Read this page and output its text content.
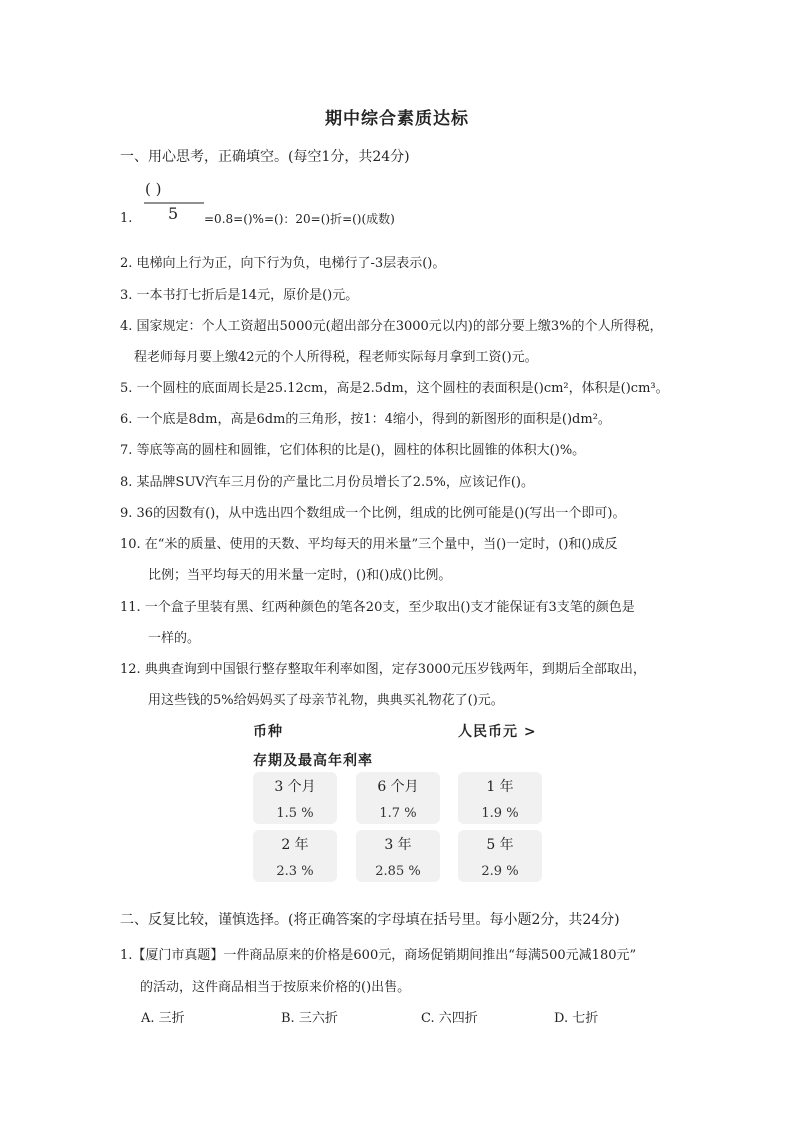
期中综合素质达标
一、用心思考，正确填空。(每空1分，共24分)
( )
1. 5 =0.8=()%=()：20=()折=()(成数)
2. 电梯向上行为正，向下行为负，电梯行了-3层表示()。
3. 一本书打七折后是14元，原价是()元。
4. 国家规定：个人工资超出5000元(超出部分在3000元以内)的部分要上缴3%的个人所得税，
程老师每月要上缴42元的个人所得税，程老师实际每月拿到工资()元。
5. 一个圆柱的底面周长是25.12cm，高是2.5dm，这个圆柱的表面积是()cm²，体积是()cm³。
6. 一个底是8dm，高是6dm的三角形，按1：4缩小，得到的新图形的面积是()dm²。
7. 等底等高的圆柱和圆锥，它们体积的比是()，圆柱的体积比圆锥的体积大()%。
8. 某品牌SUV汽车三月份的产量比二月份员增长了2.5%，应该记作()。
9. 36的因数有()，从中选出四个数组成一个比例，组成的比例可能是()(写出一个即可)。
10. 在“米的质量、使用的天数、平均每天的用米量”三个量中，当()一定时，()和()成反
比例；当平均每天的用米量一定时，()和()成()比例。
11. 一个盒子里装有黑、红两种颜色的笔各20支，至少取出()支才能保证有3支笔的颜色是
一样的。
12. 典典查询到中国银行整存整取年利率如图，定存3000元压岁钱两年，到期后全部取出，
用这些钱的5%给妈妈买了母亲节礼物，典典买礼物花了()元。
币种	人民币元 >
存期及最高年利率
3 个月
1.5 %
6 个月
1.7 %
1 年
1.9 %
2 年
2.3 %
3 年
2.85 %
5 年
2.9 %
二、反复比较，谨慎选择。(将正确答案的字母填在括号里。每小题2分，共24分)
1.【厦门市真题】一件商品原来的价格是600元，商场促销期间推出“每满500元减180元”
的活动，这件商品相当于按原来价格的()出售。
A. 三折	B. 三六折	C. 六四折	D. 七折
